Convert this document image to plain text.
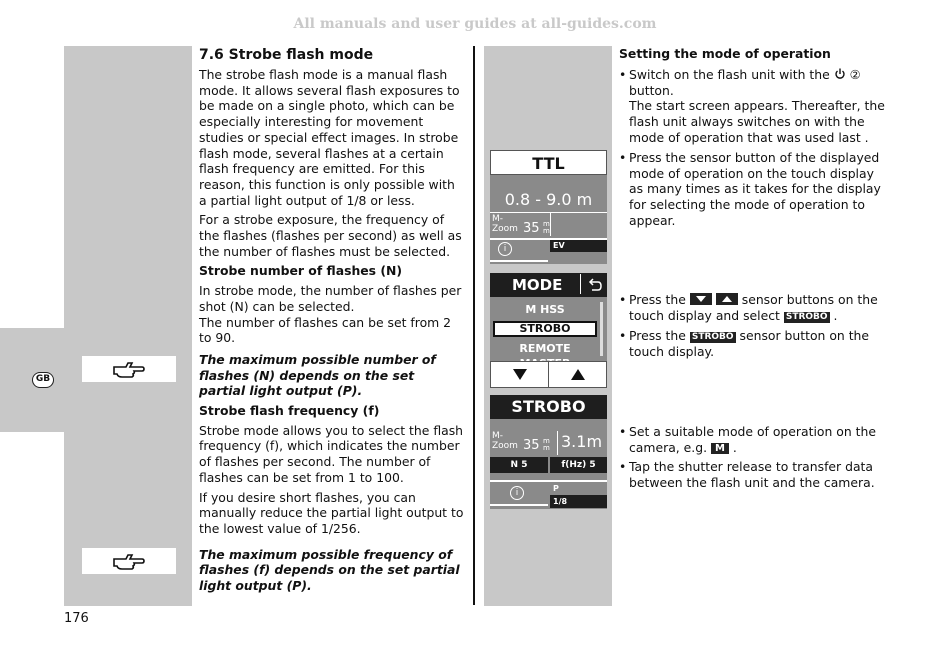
All manuals and user guides at all-guides.com
GB
7.6 Strobe flash mode

The strobe flash mode is a manual flash mode. It allows several flash exposures to be made on a single photo, which can be especially interesting for movement studies or special effect images. In strobe flash mode, several flashes at a certain flash frequency are emitted. For this reason, this function is only possible with a partial light output of 1/8 or less.

For a strobe exposure, the frequency of the flashes (flashes per second) as well as the number of flashes must be selected.

Strobe number of flashes (N)

In strobe mode, the number of flashes per shot (N) can be selected.

The number of flashes can be set from 2 to 90.

The maximum possible number of flashes (N) depends on the set partial light output (P).

Strobe flash frequency (f)

Strobe mode allows you to select the flash frequency (f), which indicates the number of flashes per second. The number of flashes can be set from 1 to 100.

If you desire short flashes, you can manually reduce the partial light output to the lowest value of 1/256.

The maximum possible frequency of flashes (f) depends on the set partial light output (P).

TTL
0.8 - 9.0 m
M-
Zoom 35 m
m
i	EV
MODE
M HSS
STROBO
REMOTE
STROBO
M-
Zoom 35 m
m 3.1m
N 5	f(Hz) 5
i	P
1/8
Setting the mode of operation
• Switch on the flash unit with the ②
button.
The start screen appears. Thereafter, the flash unit always switches on with the mode of operation that was used last .
• Press the sensor button of the displayed mode of operation on the touch display as many times as it takes for the display for selecting the mode of operation to appear.
• Press the
	sensor buttons on the touch display and select STROBO .
• Press the STROBO sensor button on the touch display.
• Set a suitable mode of operation on the camera, e.g. M .
• Tap the shutter release to transfer data between the flash unit and the camera.
176
